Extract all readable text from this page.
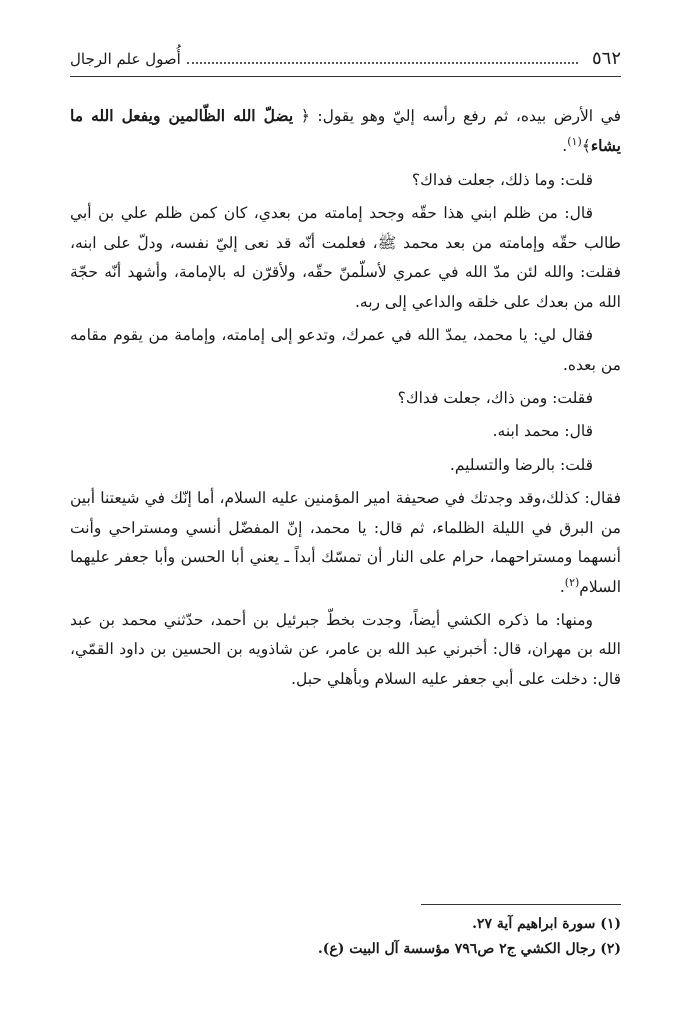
٥٦٢
أُصول علم الرجال

في الأرض بيده، ثم رفع رأسه إليّ وهو يقول: ﴿ يضلّ الله الظّالمين ويفعل الله ما يشاء﴾$^{(١)}$.

قلت: وما ذلك، جعلت فداك؟

قال: من ظلم ابني هذا حقّه وجحد إمامته من بعدي، كان كمن ظلم علي بن أبي طالب حقّه وإمامته من بعد محمد ﷺ، فعلمت أنّه قد نعى إليّ نفسه، ودلّ على ابنه، فقلت: والله لئن مدّ الله في عمري لأسلّمنّ حقّه، ولأقرّن له بالإمامة، وأشهد أنّه حجّة الله من بعدك على خلقه والداعي إلى ربه.

فقال لي: يا محمد، يمدّ الله في عمرك، وتدعو إلى إمامته، وإمامة من يقوم مقامه من بعده.

فقلت: ومن ذاك، جعلت فداك؟

قال: محمد ابنه.

قلت: بالرضا والتسليم.

فقال: كذلك،وقد وجدتك في صحيفة امير المؤمنين عليه السلام، أما إنّك في شيعتنا أبين من البرق في الليلة الظلماء، ثم قال: يا محمد، إنّ المفضّل أنسي ومستراحي وأنت أنسهما ومستراحهما، حرام على النار أن تمسّك أبداً ـ يعني أبا الحسن وأبا جعفر عليهما السلام$^{(٢)}$.

ومنها: ما ذكره الكشي أيضاً، وجدت بخطّ جبرئيل بن أحمد، حدّثني محمد بن عبد الله بن مهران، قال: أخبرني عبد الله بن عامر، عن شاذويه بن الحسين بن داود القمّي، قال: دخلت على أبي جعفر عليه السلام وبأهلي حبل.

(١) سورة ابراهيم آية ٢٧.
(٢) رجال الكشي ج٢ ص٧٩٦ مؤسسة آل البيت (ع).
